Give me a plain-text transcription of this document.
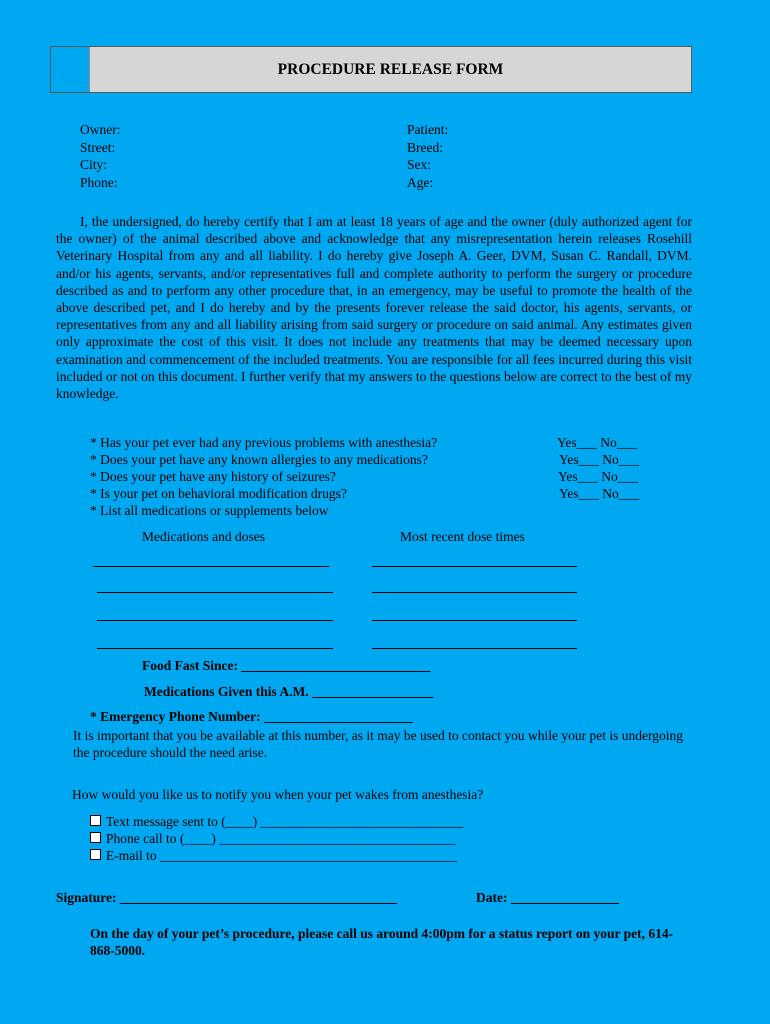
PROCEDURE RELEASE FORM
Owner:
Street:
City:
Phone:
Patient:
Breed:
Sex:
Age:

I, the undersigned, do hereby certify that I am at least 18 years of age and the owner (duly authorized agent for the owner) of the animal described above and acknowledge that any misrepresentation herein releases Rosehill Veterinary Hospital from any and all liability. I do hereby give Joseph A. Geer, DVM, Susan C. Randall, DVM. and/or his agents, servants, and/or representatives full and complete authority to perform the surgery or procedure described as and to perform any other procedure that, in an emergency, may be useful to promote the health of the above described pet, and I do hereby and by the presents forever release the said doctor, his agents, servants, or representatives from any and all liability arising from said surgery or procedure on said animal. Any estimates given only approximate the cost of this visit. It does not include any treatments that may be deemed necessary upon examination and commencement of the included treatments. You are responsible for all fees incurred during this visit included or not on this document. I further verify that my answers to the questions below are correct to the best of my knowledge.

* Has your pet ever had any previous problems with anesthesia?
* Does your pet have any known allergies to any medications?
* Does your pet have any history of seizures?
* Is your pet on behavioral modification drugs?
* List all medications or supplements below
Yes___ No___
Yes___ No___
Yes___ No___
Yes___ No___
Medications and doses	Most recent dose times
Food Fast Since: ____________________________
Medications Given this A.M. __________________
* Emergency Phone Number: ______________________
It is important that you be available at this number, as it may be used to contact you while your pet is undergoing the procedure should the need arise.
How would you like us to notify you when your pet wakes from anesthesia?
Text message sent to (____) ______________________________
Phone call to (____) ___________________________________
E-mail to ____________________________________________
Signature: _________________________________________	Date: ________________
On the day of your pet’s procedure, please call us around 4:00pm for a status report on your pet, 614-868-5000.
